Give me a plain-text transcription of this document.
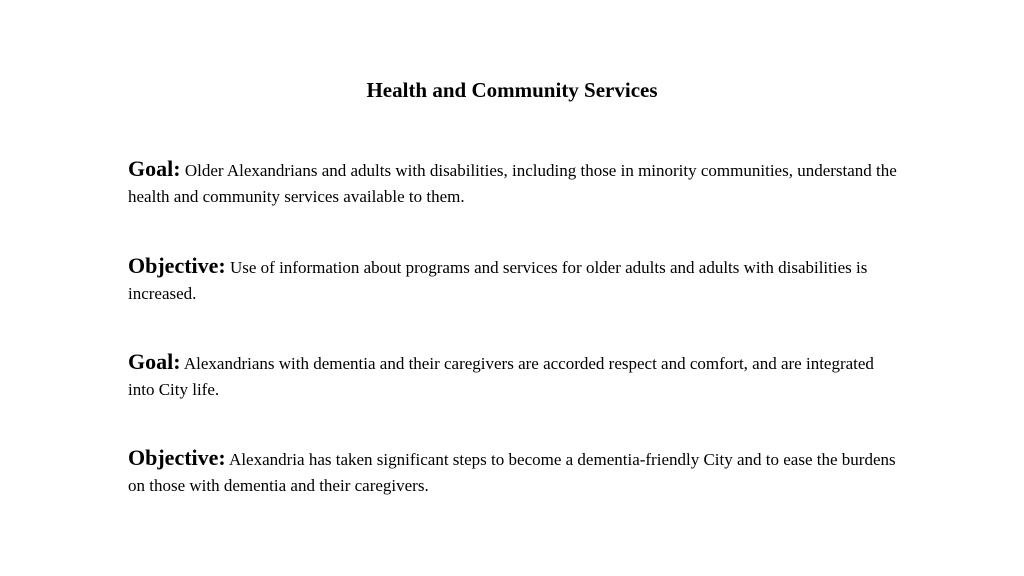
Health and Community Services
Goal: Older Alexandrians and adults with disabilities, including those in minority communities, understand the health and community services available to them.
Objective: Use of information about programs and services for older adults and adults with disabilities is increased.
Goal: Alexandrians with dementia and their caregivers are accorded respect and comfort, and are integrated into City life.
Objective: Alexandria has taken significant steps to become a dementia-friendly City and to ease the burdens on those with dementia and their caregivers.
